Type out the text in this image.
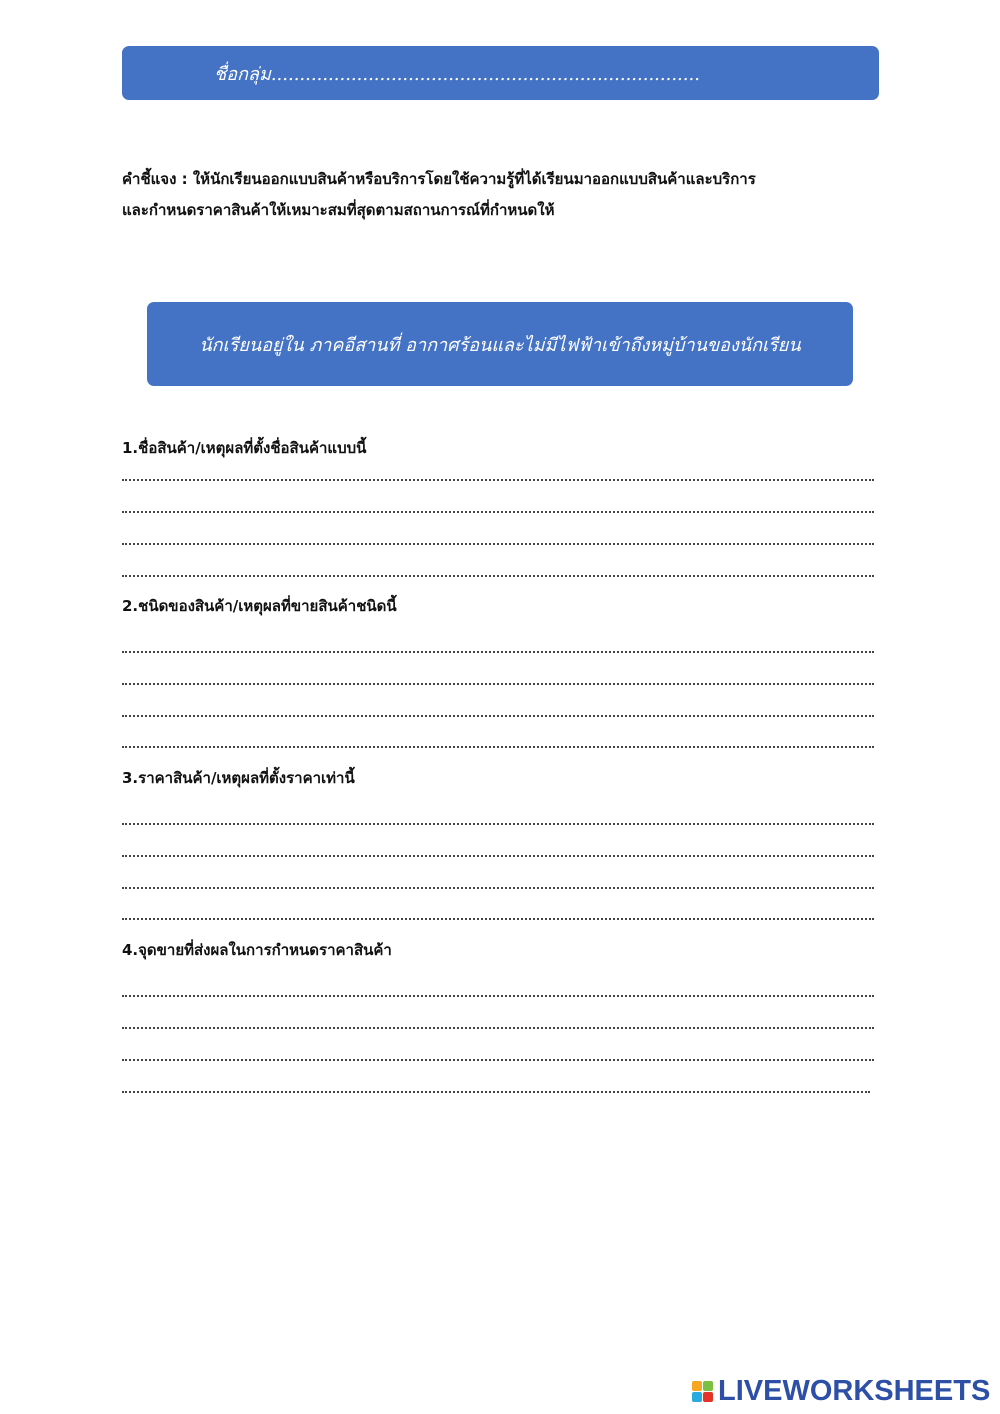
ชื่อกลุ่ม...........................................................................
คำชี้แจง : ให้นักเรียนออกแบบสินค้าหรือบริการโดยใช้ความรู้ที่ได้เรียนมาออกแบบสินค้าและบริการ
และกำหนดราคาสินค้าให้เหมาะสมที่สุดตามสถานการณ์ที่กำหนดให้
นักเรียนอยู่ใน ภาคอีสานที่ อากาศร้อนและไม่มีไฟฟ้าเข้าถึงหมู่บ้านของนักเรียน
1.ชื่อสินค้า/เหตุผลที่ตั้งชื่อสินค้าแบบนี้
2.ชนิดของสินค้า/เหตุผลที่ขายสินค้าชนิดนี้
3.ราคาสินค้า/เหตุผลที่ตั้งราคาเท่านี้
4.จุดขายที่ส่งผลในการกำหนดราคาสินค้า
LIVEWORKSHEETS
